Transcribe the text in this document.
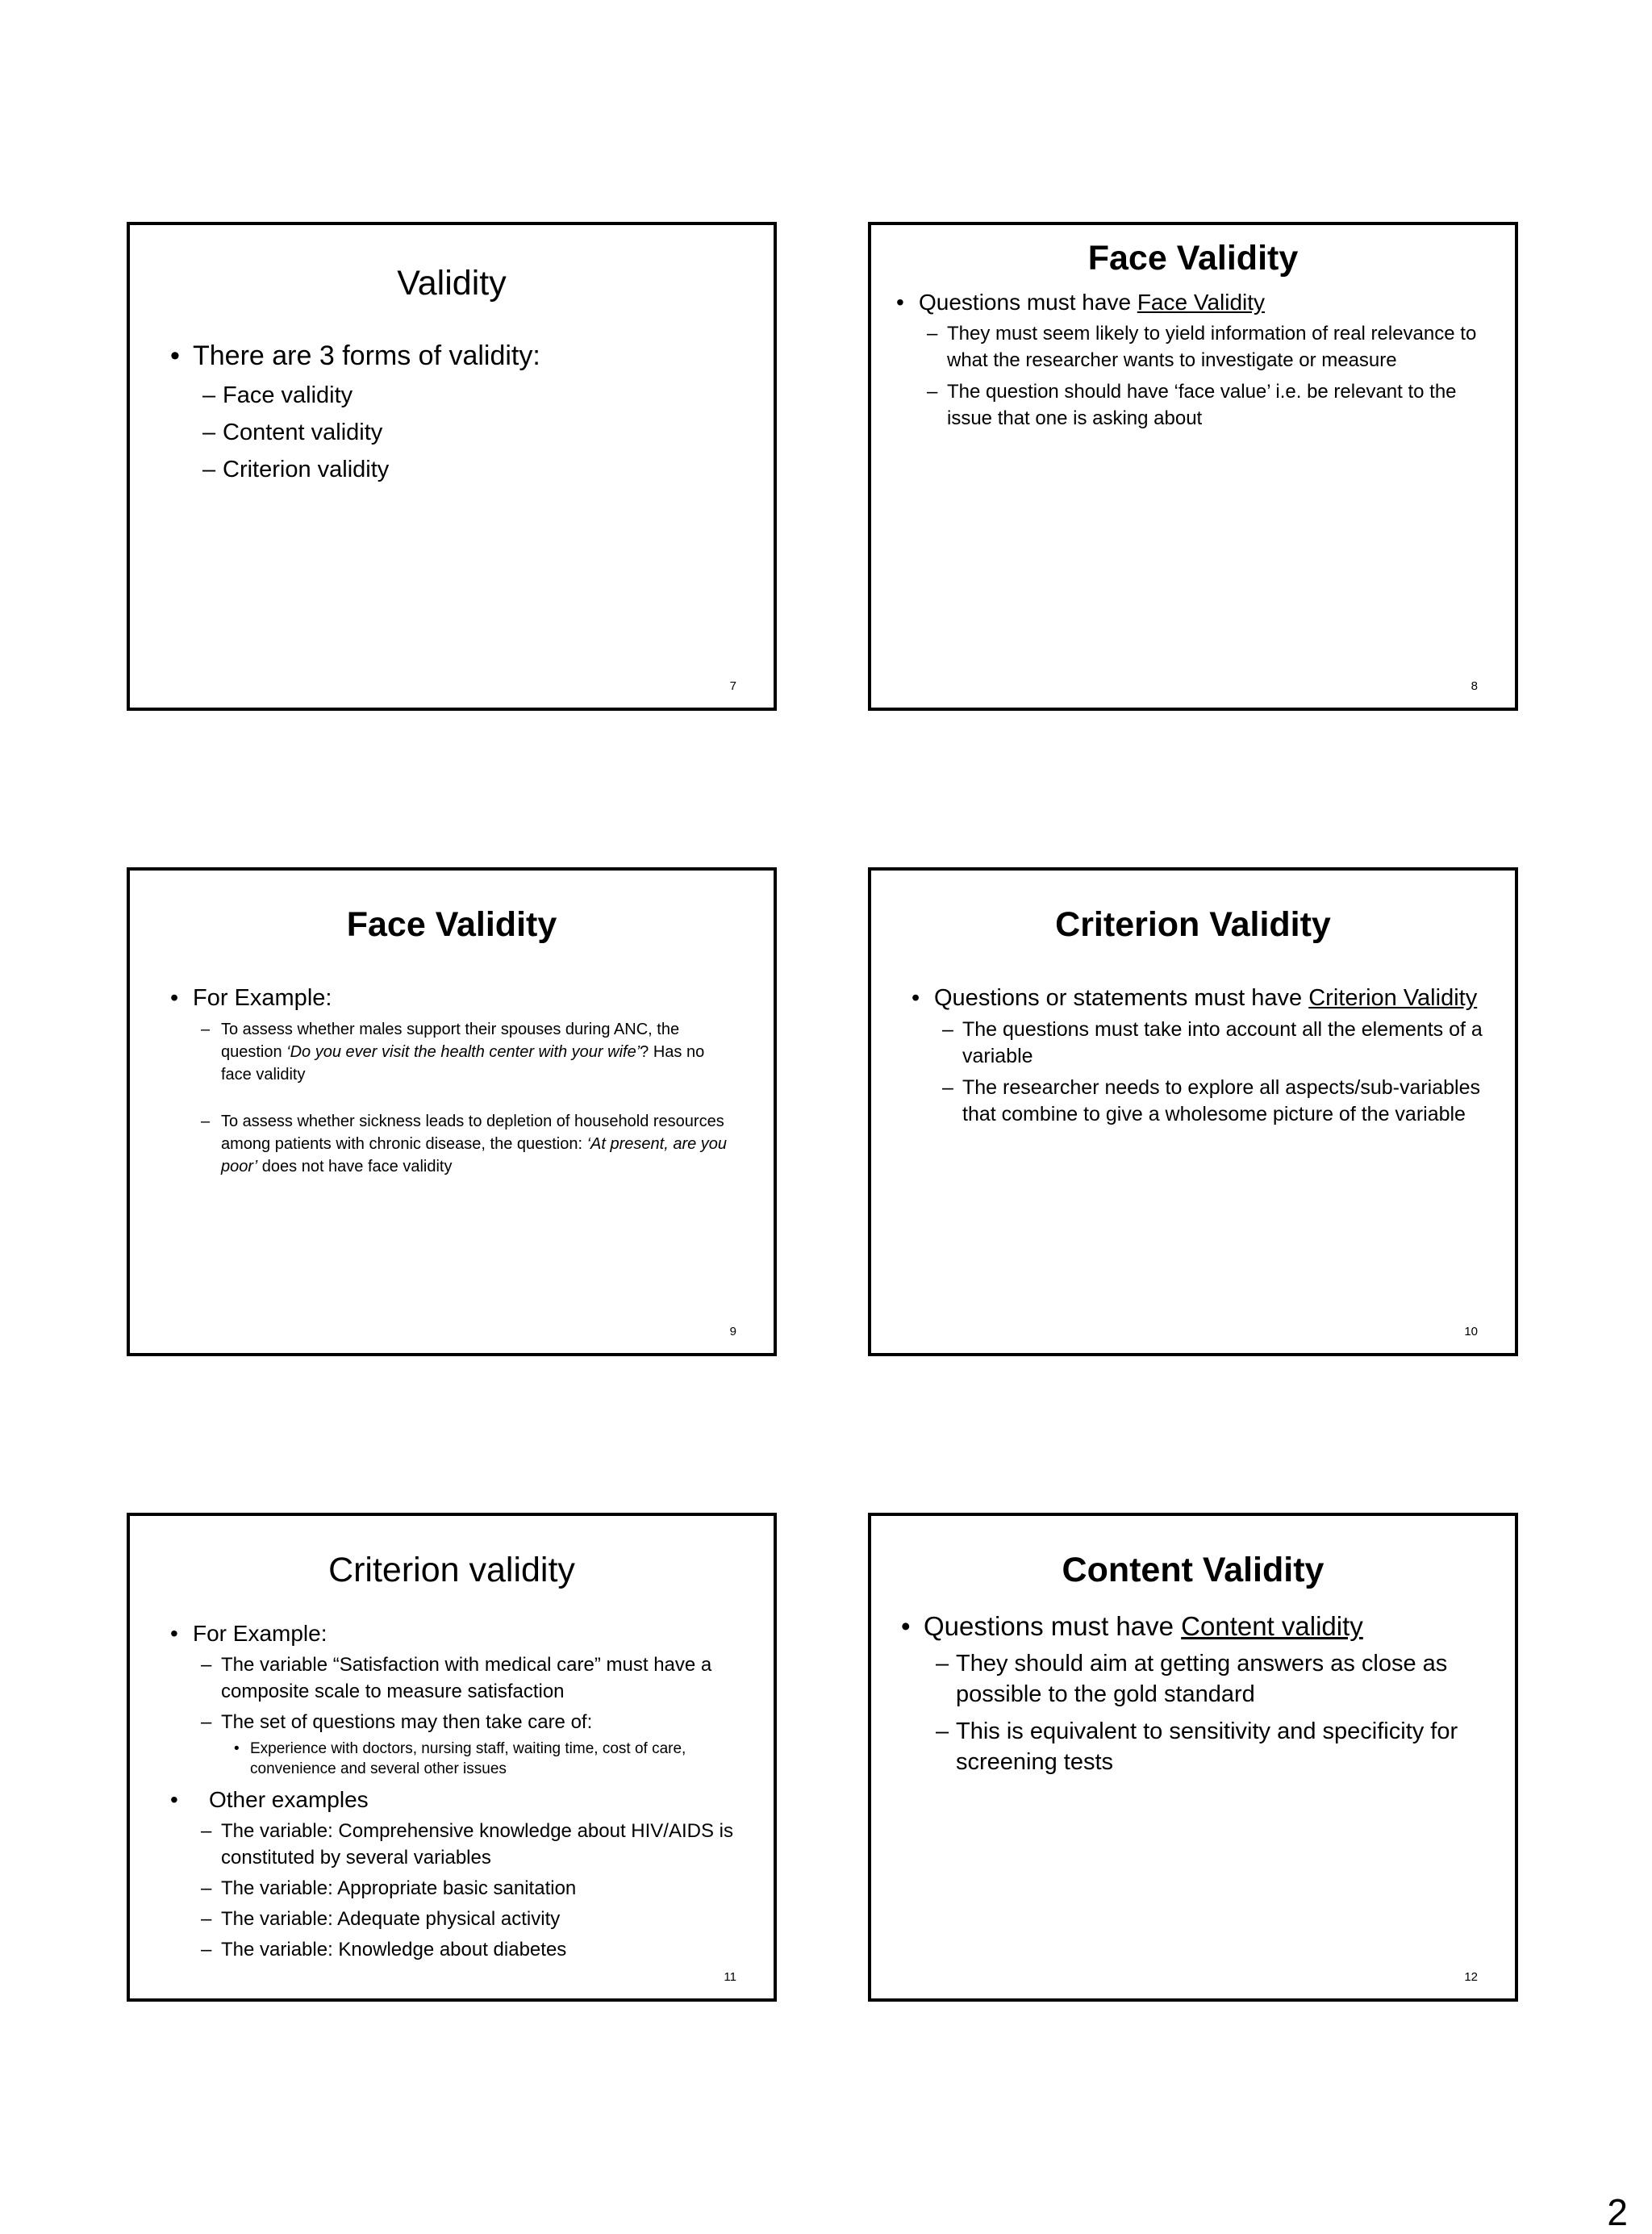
Validity
• There are 3 forms of validity:
– Face validity
– Content validity
– Criterion validity
7
Face Validity
• Questions must have Face Validity
– They must seem likely to yield information of real relevance to what the researcher wants to investigate or measure
– The question should have ‘face value’ i.e. be relevant to the issue that one is asking about
8
Face Validity
• For Example:
– To assess whether males support their spouses during ANC, the question ‘Do you ever visit the health center with your wife’? Has no face validity
– To assess whether sickness leads to depletion of household resources among patients with chronic disease, the question: ‘At present, are you poor’ does not have face validity
9
Criterion Validity
• Questions or statements must have Criterion Validity
– The questions must take into account all the elements of a variable
– The researcher needs to explore all aspects/sub-variables that combine to give a wholesome picture of the variable
10
Criterion validity
• For Example:
– The variable “Satisfaction with medical care” must have a composite scale to measure satisfaction
– The set of questions may then take care of:
• Experience with doctors, nursing staff, waiting time, cost of care, convenience and several other issues
• Other examples
– The variable: Comprehensive knowledge about HIV/AIDS is constituted by several variables
– The variable: Appropriate basic sanitation
– The variable: Adequate physical activity
– The variable: Knowledge about diabetes
11
Content Validity
• Questions must have Content validity
– They should aim at getting answers as close as possible to the gold standard
– This is equivalent to sensitivity and specificity for screening tests
12
2
